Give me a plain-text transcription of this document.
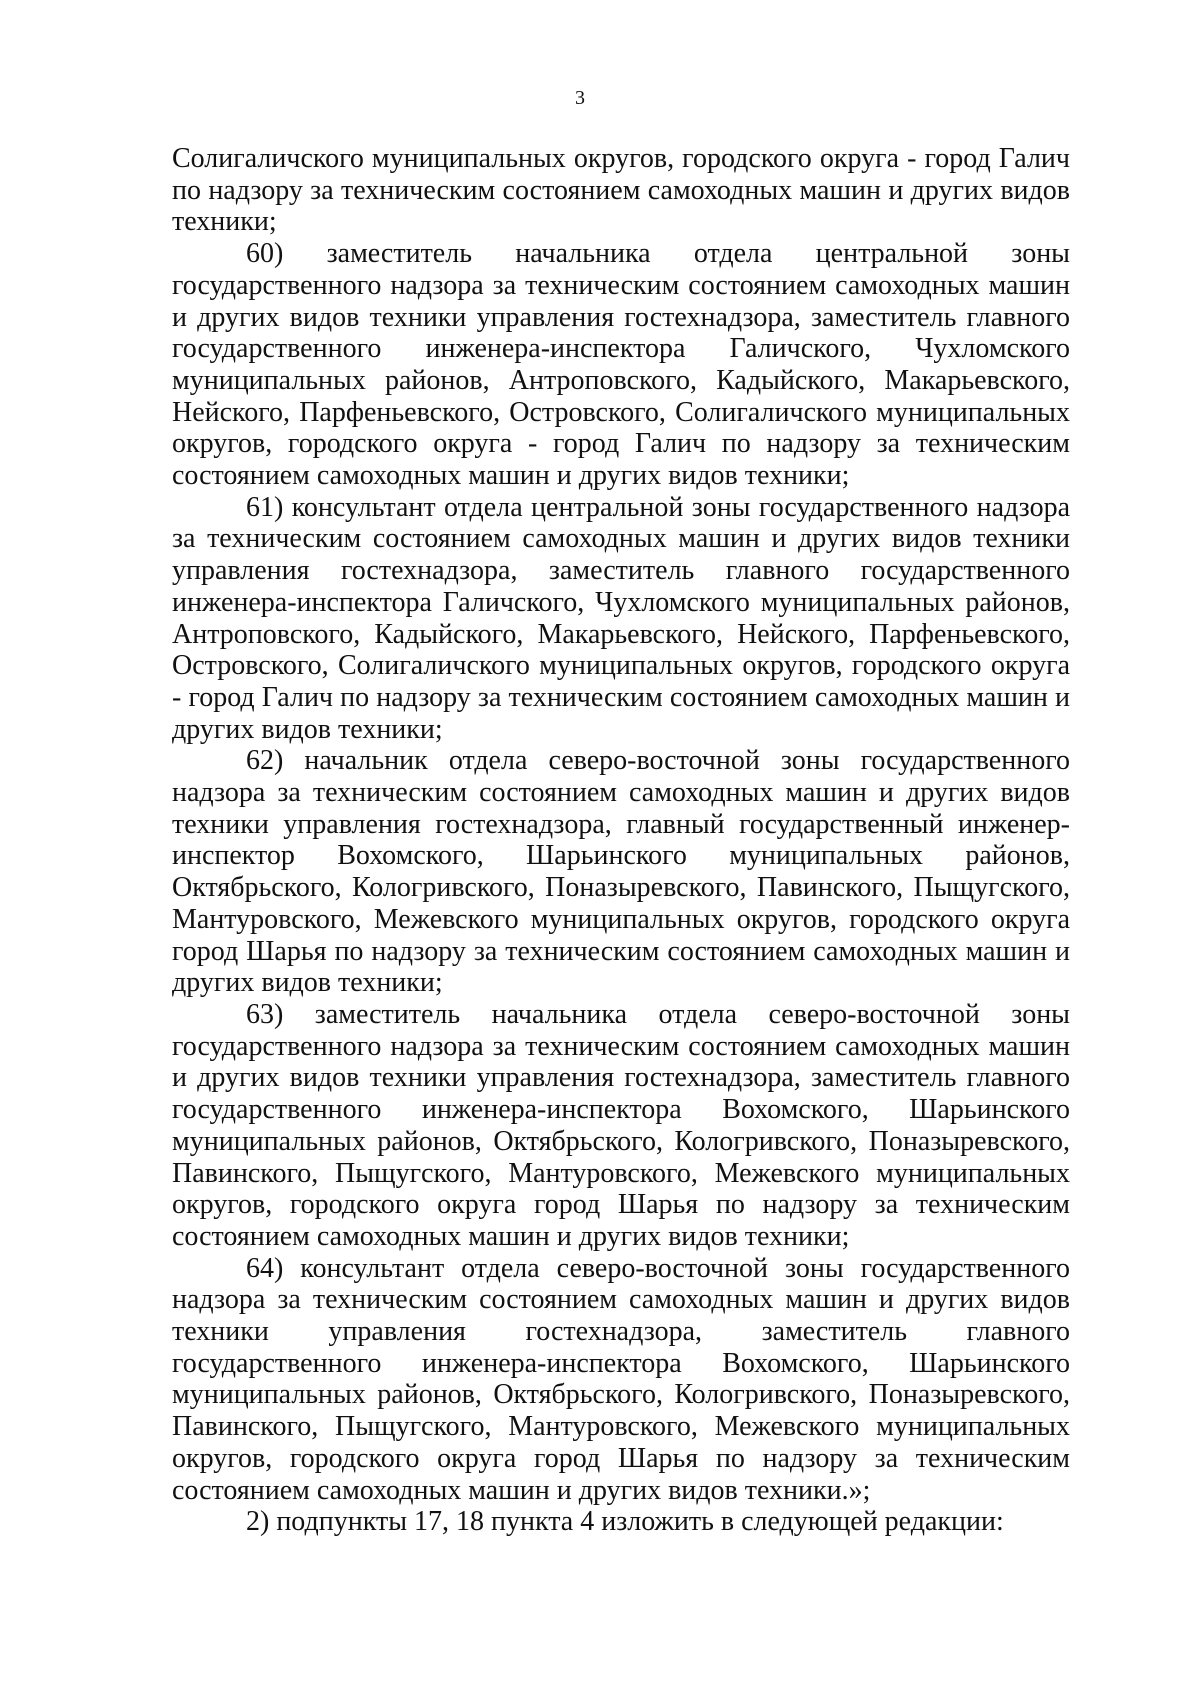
3

Солигаличского муниципальных округов, городского округа - город Галич по надзору за техническим состоянием самоходных машин и других видов техники;

60) заместитель начальника отдела центральной зоны государственного надзора за техническим состоянием самоходных машин и других видов техники управления гостехнадзора, заместитель главного государственного инженера-инспектора Галичского, Чухломского муниципальных районов, Антроповского, Кадыйского, Макарьевского, Нейского, Парфеньевского, Островского, Солигаличского муниципальных округов, городского округа - город Галич по надзору за техническим состоянием самоходных машин и других видов техники;

61) консультант отдела центральной зоны государственного надзора за техническим состоянием самоходных машин и других видов техники управления гостехнадзора, заместитель главного государственного инженера-инспектора Галичского, Чухломского муниципальных районов, Антроповского, Кадыйского, Макарьевского, Нейского, Парфеньевского, Островского, Солигаличского муниципальных округов, городского округа - город Галич по надзору за техническим состоянием самоходных машин и других видов техники;

62) начальник отдела северо-восточной зоны государственного надзора за техническим состоянием самоходных машин и других видов техники управления гостехнадзора, главный государственный инженер-инспектор Вохомского, Шарьинского муниципальных районов, Октябрьского, Кологривского, Поназыревского, Павинского, Пыщугского, Мантуровского, Межевского муниципальных округов, городского округа город Шарья по надзору за техническим состоянием самоходных машин и других видов техники;

63) заместитель начальника отдела северо-восточной зоны государственного надзора за техническим состоянием самоходных машин и других видов техники управления гостехнадзора, заместитель главного государственного инженера-инспектора Вохомского, Шарьинского муниципальных районов, Октябрьского, Кологривского, Поназыревского, Павинского, Пыщугского, Мантуровского, Межевского муниципальных округов, городского округа город Шарья по надзору за техническим состоянием самоходных машин и других видов техники;

64) консультант отдела северо-восточной зоны государственного надзора за техническим состоянием самоходных машин и других видов техники управления гостехнадзора, заместитель главного государственного инженера-инспектора Вохомского, Шарьинского муниципальных районов, Октябрьского, Кологривского, Поназыревского, Павинского, Пыщугского, Мантуровского, Межевского муниципальных округов, городского округа город Шарья по надзору за техническим состоянием самоходных машин и других видов техники.»;

2) подпункты 17, 18 пункта 4 изложить в следующей редакции:
